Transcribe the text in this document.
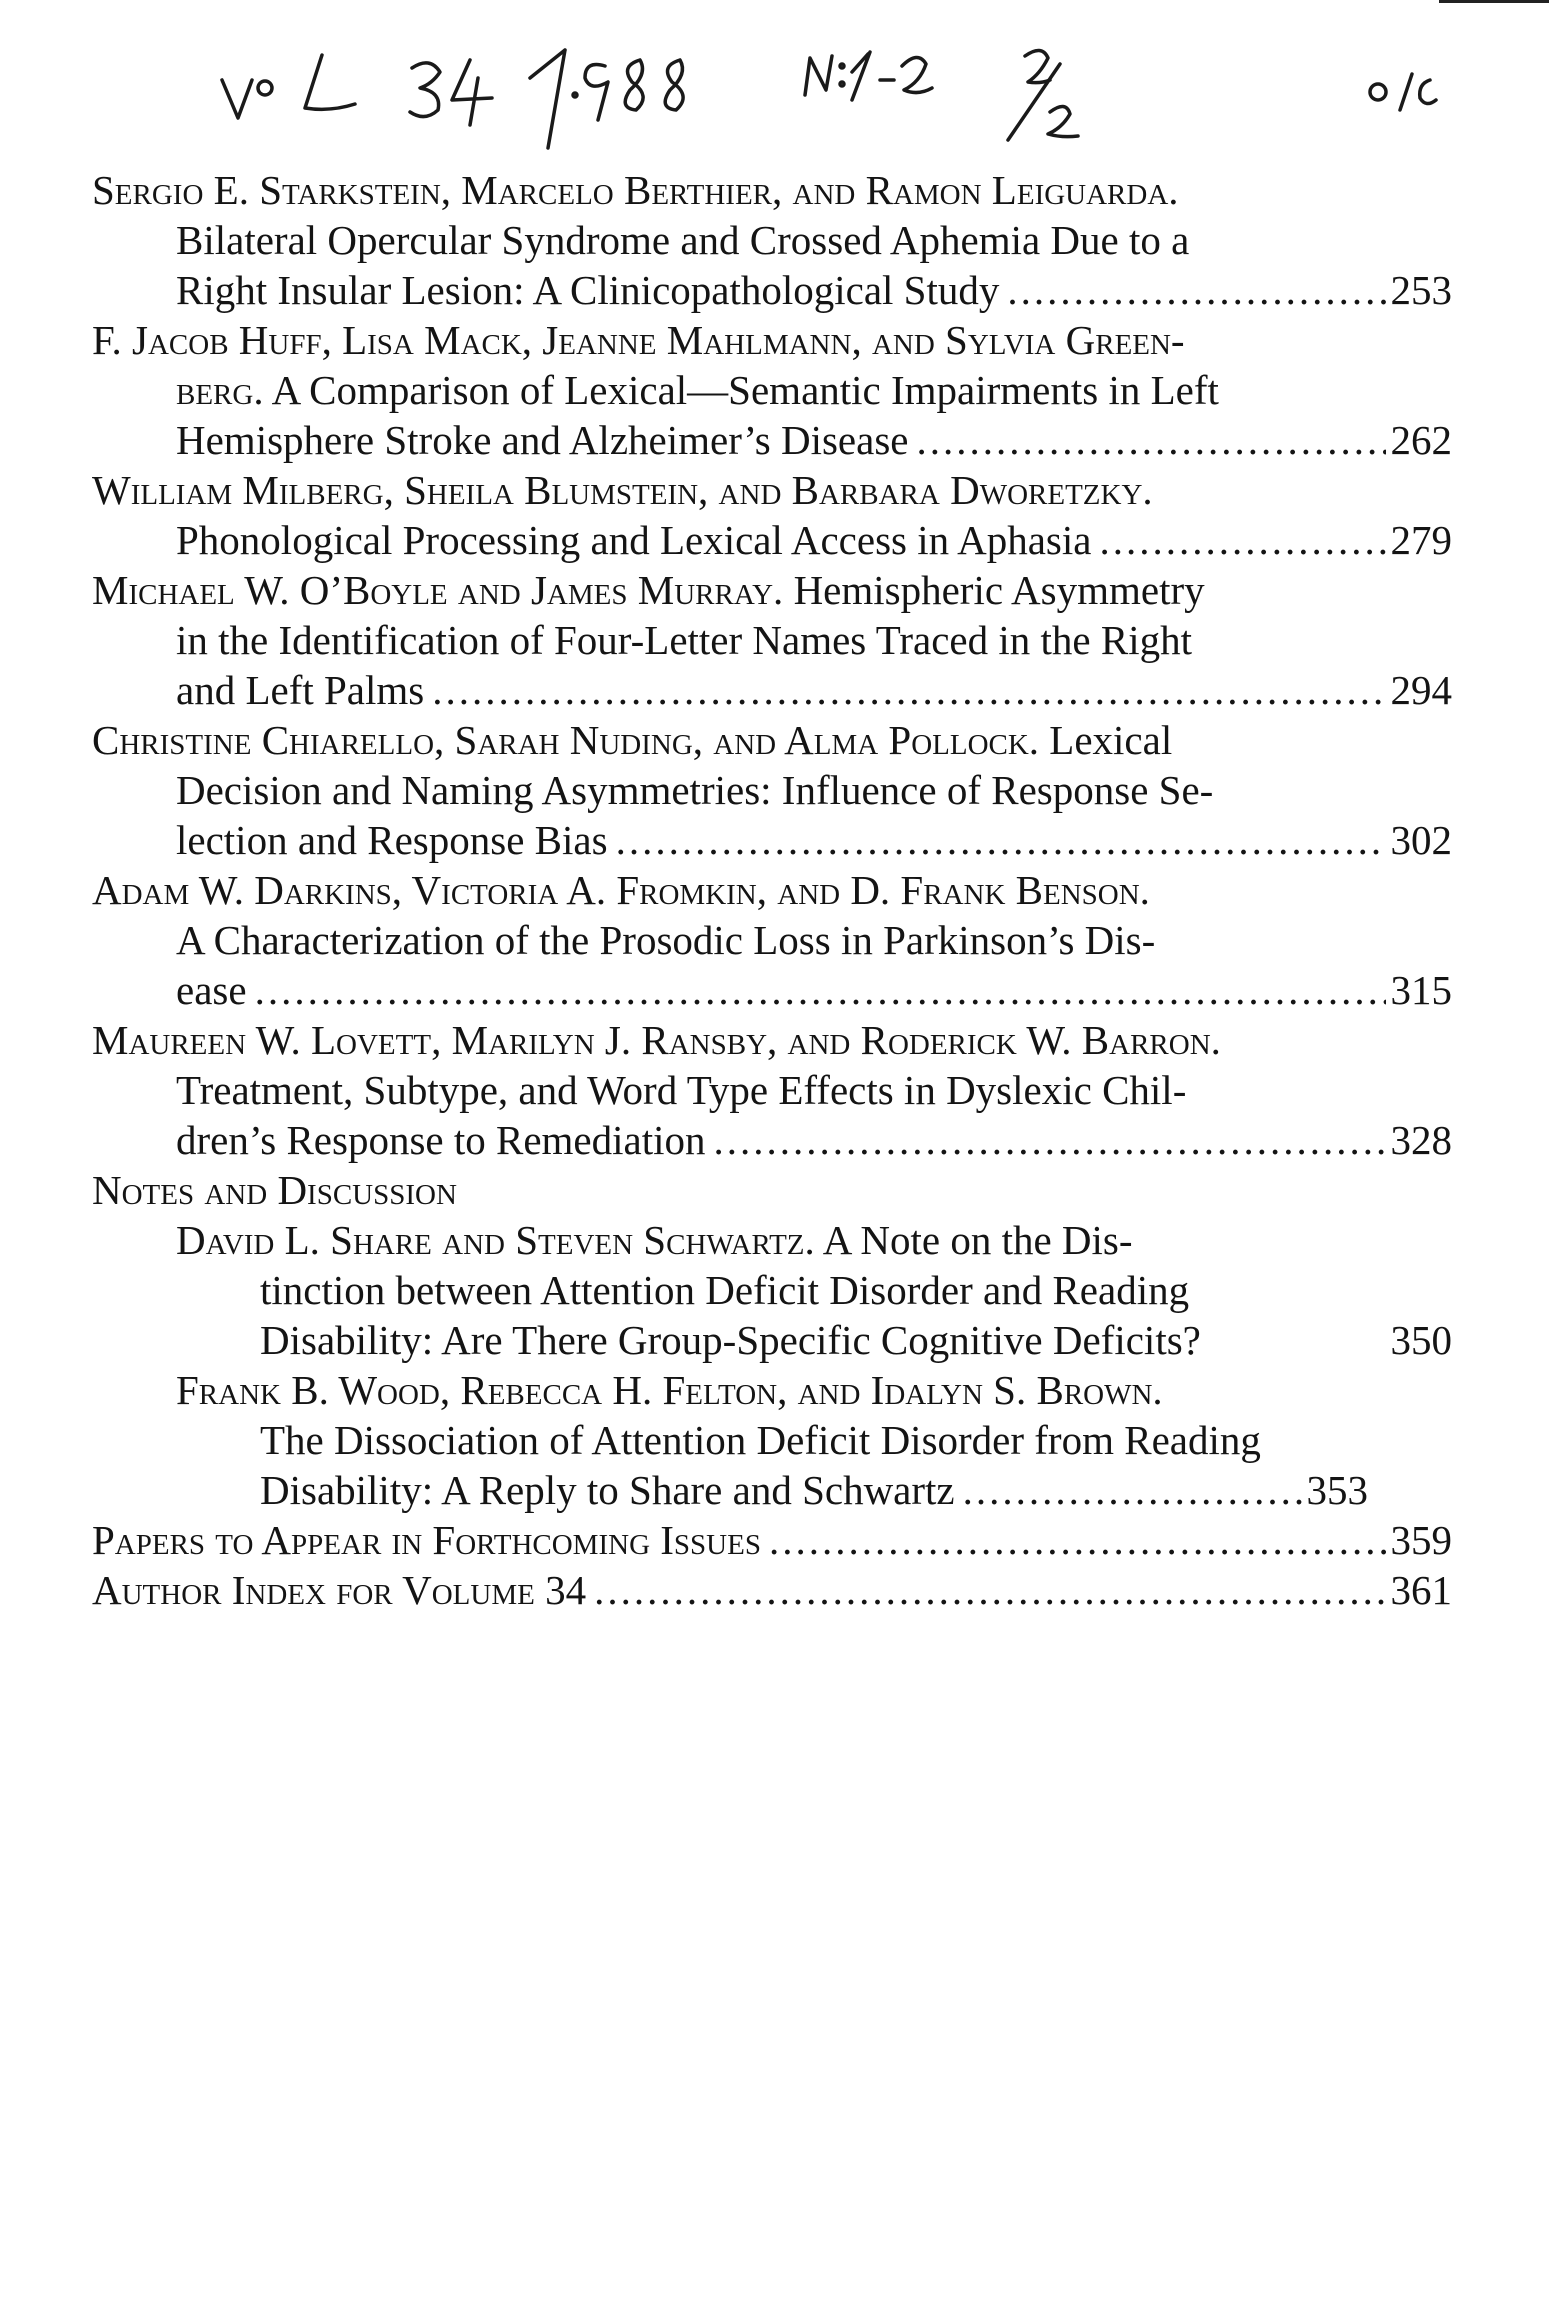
Sergio E. Starkstein, Marcelo Berthier, and Ramon Leiguarda.
Bilateral Opercular Syndrome and Crossed Aphemia Due to a
Right Insular Lesion: A Clinicopathological Study .....	253
F. Jacob Huff, Lisa Mack, Jeanne Mahlmann, and Sylvia Green-
berg. A Comparison of Lexical—Semantic Impairments in Left
Hemisphere Stroke and Alzheimer’s Disease .....	262
William Milberg, Sheila Blumstein, and Barbara Dworetzky.
Phonological Processing and Lexical Access in Aphasia .....	279
Michael W. O’Boyle and James Murray. Hemispheric Asymmetry
in the Identification of Four-Letter Names Traced in the Right
and Left Palms .....	294
Christine Chiarello, Sarah Nuding, and Alma Pollock. Lexical
Decision and Naming Asymmetries: Influence of Response Se-
lection and Response Bias .....	302
Adam W. Darkins, Victoria A. Fromkin, and D. Frank Benson.
A Characterization of the Prosodic Loss in Parkinson’s Dis-
ease .....	315
Maureen W. Lovett, Marilyn J. Ransby, and Roderick W. Barron.
Treatment, Subtype, and Word Type Effects in Dyslexic Chil-
dren’s Response to Remediation .....	328
Notes and Discussion
David L. Share and Steven Schwartz. A Note on the Dis-
tinction between Attention Deficit Disorder and Reading
Disability: Are There Group-Specific Cognitive Deficits?	350
Frank B. Wood, Rebecca H. Felton, and Idalyn S. Brown.
The Dissociation of Attention Deficit Disorder from Reading
Disability: A Reply to Share and Schwartz .....	353
Papers to Appear in Forthcoming Issues .....	359
Author Index for Volume 34 .....	361
